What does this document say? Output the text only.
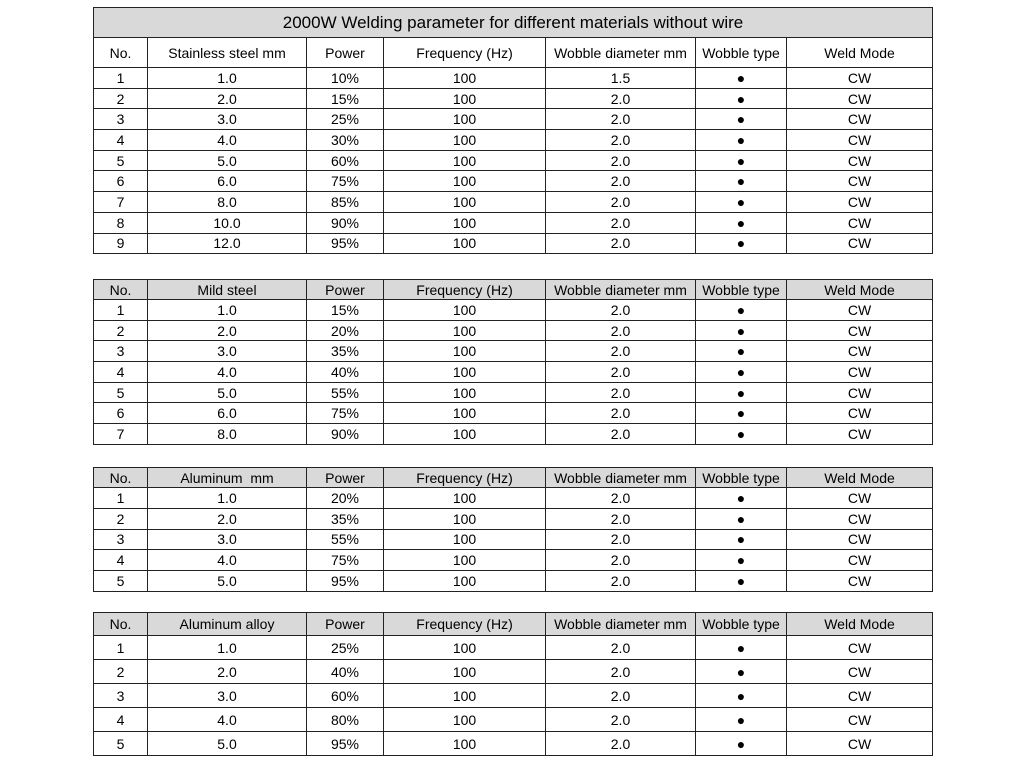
2000W Welding parameter for different materials without wire						
No.	Stainless steel mm	Power	Frequency (Hz)	Wobble diameter mm	Wobble type	Weld Mode
1	1.0	10%	100	1.5	●	CW
2	2.0	15%	100	2.0	●	CW
3	3.0	25%	100	2.0	●	CW
4	4.0	30%	100	2.0	●	CW
5	5.0	60%	100	2.0	●	CW
6	6.0	75%	100	2.0	●	CW
7	8.0	85%	100	2.0	●	CW
8	10.0	90%	100	2.0	●	CW
9	12.0	95%	100	2.0	●	CW
No.	Mild steel	Power	Frequency (Hz)	Wobble diameter mm	Wobble type	Weld Mode
1	1.0	15%	100	2.0	●	CW
2	2.0	20%	100	2.0	●	CW
3	3.0	35%	100	2.0	●	CW
4	4.0	40%	100	2.0	●	CW
5	5.0	55%	100	2.0	●	CW
6	6.0	75%	100	2.0	●	CW
7	8.0	90%	100	2.0	●	CW
No.	Aluminum  mm	Power	Frequency (Hz)	Wobble diameter mm	Wobble type	Weld Mode
1	1.0	20%	100	2.0	●	CW
2	2.0	35%	100	2.0	●	CW
3	3.0	55%	100	2.0	●	CW
4	4.0	75%	100	2.0	●	CW
5	5.0	95%	100	2.0	●	CW
No.	Aluminum alloy	Power	Frequency (Hz)	Wobble diameter mm	Wobble type	Weld Mode
1	1.0	25%	100	2.0	●	CW
2	2.0	40%	100	2.0	●	CW
3	3.0	60%	100	2.0	●	CW
4	4.0	80%	100	2.0	●	CW
5	5.0	95%	100	2.0	●	CW
